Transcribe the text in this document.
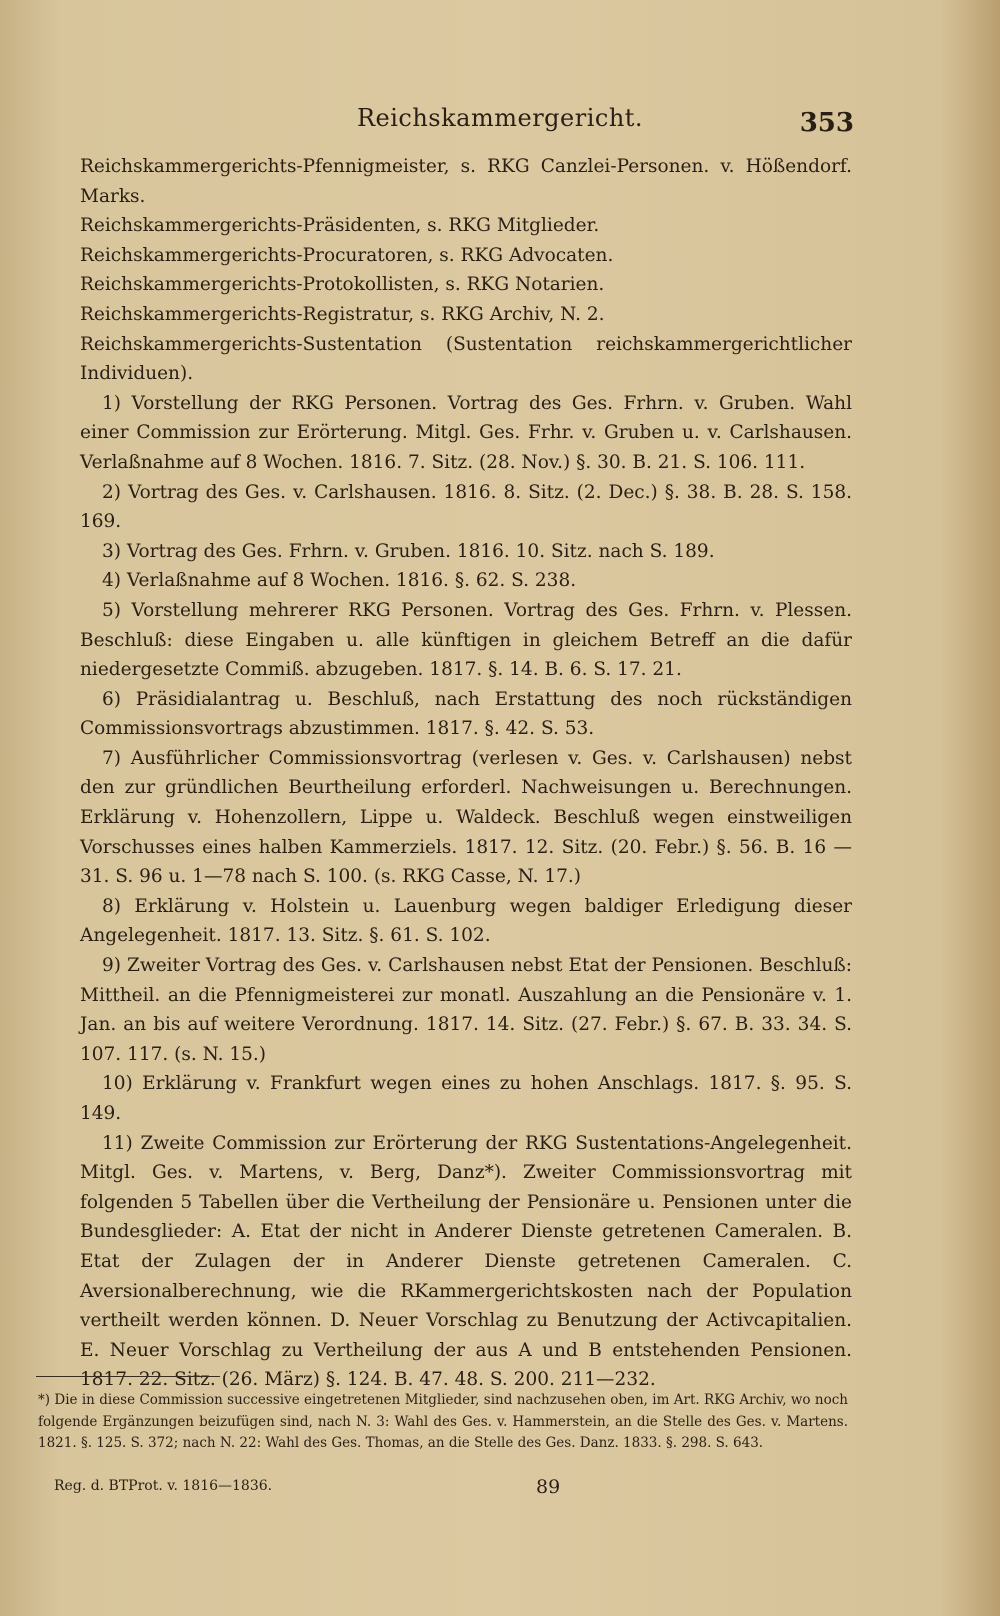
Reichskammergericht.	353

Reichskammergerichts-Pfennigmeister, s. RKG Canzlei-Personen. v. Hößendorf. Marks.

Reichskammergerichts-Präsidenten, s. RKG Mitglieder.

Reichskammergerichts-Procuratoren, s. RKG Advocaten.

Reichskammergerichts-Protokollisten, s. RKG Notarien.

Reichskammergerichts-Registratur, s. RKG Archiv, N. 2.

Reichskammergerichts-Sustentation (Sustentation reichskammergerichtlicher Individuen).

1) Vorstellung der RKG Personen. Vortrag des Ges. Frhrn. v. Gruben. Wahl einer Commission zur Erörterung. Mitgl. Ges. Frhr. v. Gruben u. v. Carlshausen. Verlaßnahme auf 8 Wochen. 1816. 7. Sitz. (28. Nov.) §. 30. B. 21. S. 106. 111.

2) Vortrag des Ges. v. Carlshausen. 1816. 8. Sitz. (2. Dec.) §. 38. B. 28. S. 158. 169.

3) Vortrag des Ges. Frhrn. v. Gruben. 1816. 10. Sitz. nach S. 189.

4) Verlaßnahme auf 8 Wochen. 1816. §. 62. S. 238.

5) Vorstellung mehrerer RKG Personen. Vortrag des Ges. Frhrn. v. Plessen. Beschluß: diese Eingaben u. alle künftigen in gleichem Betreff an die dafür niedergesetzte Commiß. abzugeben. 1817. §. 14. B. 6. S. 17. 21.

6) Präsidialantrag u. Beschluß, nach Erstattung des noch rückständigen Commissionsvortrags abzustimmen. 1817. §. 42. S. 53.

7) Ausführlicher Commissionsvortrag (verlesen v. Ges. v. Carlshausen) nebst den zur gründlichen Beurtheilung erforderl. Nachweisungen u. Berechnungen. Erklärung v. Hohenzollern, Lippe u. Waldeck. Beschluß wegen einstweiligen Vorschusses eines halben Kammerziels. 1817. 12. Sitz. (20. Febr.) §. 56. B. 16 — 31. S. 96 u. 1—78 nach S. 100. (s. RKG Casse, N. 17.)

8) Erklärung v. Holstein u. Lauenburg wegen baldiger Erledigung dieser Angelegenheit. 1817. 13. Sitz. §. 61. S. 102.

9) Zweiter Vortrag des Ges. v. Carlshausen nebst Etat der Pensionen. Beschluß: Mittheil. an die Pfennigmeisterei zur monatl. Auszahlung an die Pensionäre v. 1. Jan. an bis auf weitere Verordnung. 1817. 14. Sitz. (27. Febr.) §. 67. B. 33. 34. S. 107. 117. (s. N. 15.)

10) Erklärung v. Frankfurt wegen eines zu hohen Anschlags. 1817. §. 95. S. 149.

11) Zweite Commission zur Erörterung der RKG Sustentations-Angelegenheit. Mitgl. Ges. v. Martens, v. Berg, Danz*). Zweiter Commissionsvortrag mit folgenden 5 Tabellen über die Vertheilung der Pensionäre u. Pensionen unter die Bundesglieder: A. Etat der nicht in Anderer Dienste getretenen Cameralen. B. Etat der Zulagen der in Anderer Dienste getretenen Cameralen. C. Aversionalberechnung, wie die RKammergerichtskosten nach der Population vertheilt werden können. D. Neuer Vorschlag zu Benutzung der Activcapitalien. E. Neuer Vorschlag zu Vertheilung der aus A und B entstehenden Pensionen. 1817. 22. Sitz. (26. März) §. 124. B. 47. 48. S. 200. 211—232.

*) Die in diese Commission successive eingetretenen Mitglieder, sind nachzusehen oben, im Art. RKG Archiv, wo noch folgende Ergänzungen beizufügen sind, nach N. 3: Wahl des Ges. v. Hammerstein, an die Stelle des Ges. v. Martens. 1821. §. 125. S. 372; nach N. 22: Wahl des Ges. Thomas, an die Stelle des Ges. Danz. 1833. §. 298. S. 643.

Reg. d. BTProt. v. 1816—1836.	89
